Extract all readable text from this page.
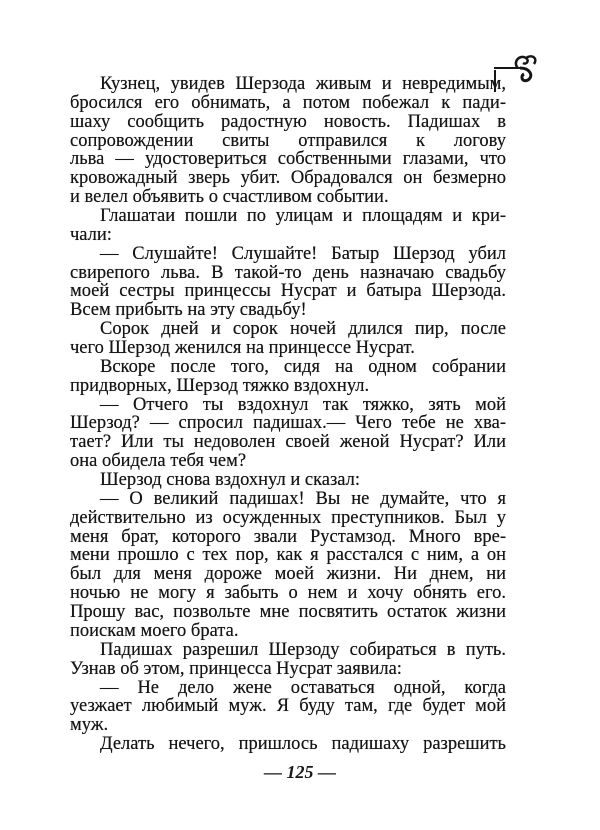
Кузнец, увидев Шерзода живым и невредимым,
бросился его обнимать, а потом побежал к пади-
шаху сообщить радостную новость. Падишах в
сопровождении свиты отправился к логову
льва — удостовериться собственными глазами, что
кровожадный зверь убит. Обрадовался он безмерно
и велел объявить о счастливом событии.
Глашатаи пошли по улицам и площадям и кри-
чали:
— Слушайте! Слушайте! Батыр Шерзод убил
свирепого льва. В такой-то день назначаю свадьбу
моей сестры принцессы Нусрат и батыра Шерзода.
Всем прибыть на эту свадьбу!
Сорок дней и сорок ночей длился пир, после
чего Шерзод женился на принцессе Нусрат.
Вскоре после того, сидя на одном собрании
придворных, Шерзод тяжко вздохнул.
— Отчего ты вздохнул так тяжко, зять мой
Шерзод? — спросил падишах.— Чего тебе не хва-
тает? Или ты недоволен своей женой Нусрат? Или
она обидела тебя чем?
Шерзод снова вздохнул и сказал:
— О великий падишах! Вы не думайте, что я
действительно из осужденных преступников. Был у
меня брат, которого звали Рустамзод. Много вре-
мени прошло с тех пор, как я расстался с ним, а он
был для меня дороже моей жизни. Ни днем, ни
ночью не могу я забыть о нем и хочу обнять его.
Прошу вас, позвольте мне посвятить остаток жизни
поискам моего брата.
Падишах разрешил Шерзоду собираться в путь.
Узнав об этом, принцесса Нусрат заявила:
— Не дело жене оставаться одной, когда
уезжает любимый муж. Я буду там, где будет мой
муж.
Делать нечего, пришлось падишаху разрешить
— 125 —
